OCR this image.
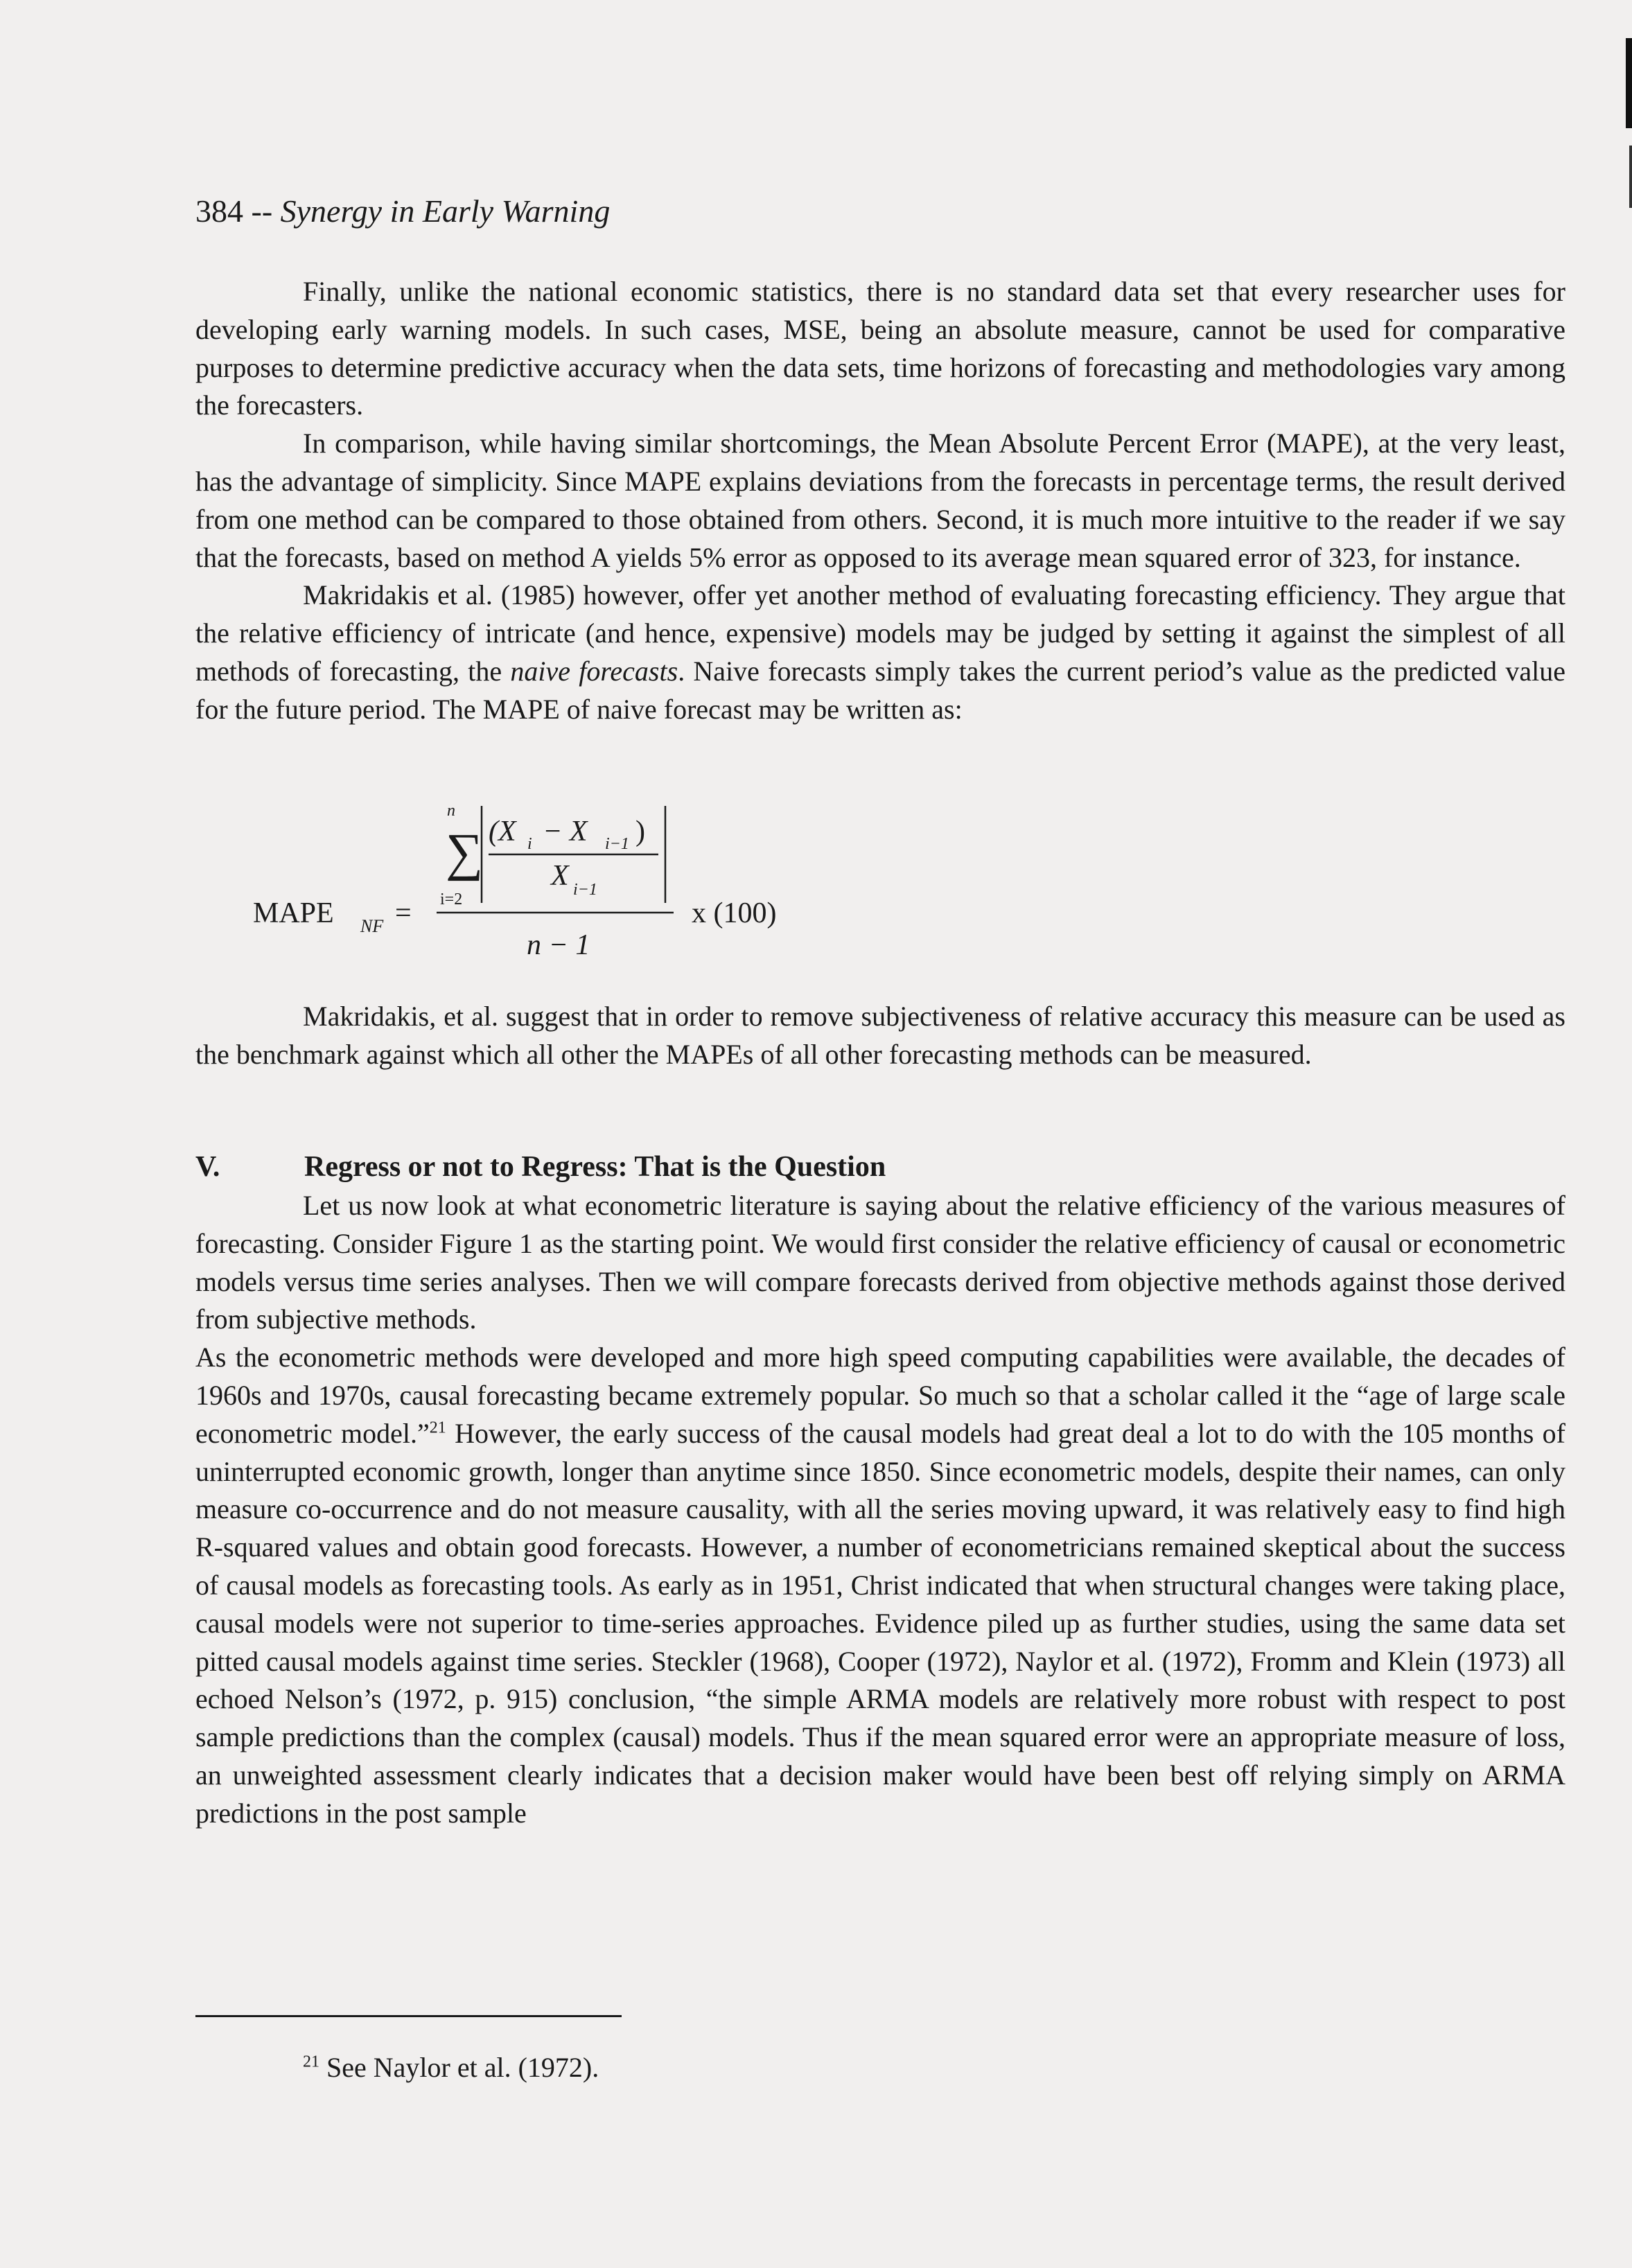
384 -- Synergy in Early Warning

Finally, unlike the national economic statistics, there is no standard data set that every researcher uses for developing early warning models. In such cases, MSE, being an absolute measure, cannot be used for comparative purposes to determine predictive accuracy when the data sets, time horizons of forecasting and methodologies vary among the forecasters.

In comparison, while having similar shortcomings, the Mean Absolute Percent Error (MAPE), at the very least, has the advantage of simplicity. Since MAPE explains deviations from the forecasts in percentage terms, the result derived from one method can be compared to those obtained from others. Second, it is much more intuitive to the reader if we say that the forecasts, based on method A yields 5% error as opposed to its average mean squared error of 323, for instance.

Makridakis et al. (1985) however, offer yet another method of evaluating forecasting efficiency. They argue that the relative efficiency of intricate (and hence, expensive) models may be judged by setting it against the simplest of all methods of forecasting, the naive forecasts. Naive forecasts simply takes the current period’s value as the predicted value for the future period. The MAPE of naive forecast may be written as:

MAPE NF =
∑
n
i=2
(X i − X i−1 )
X i−1
n − 1
x (100)

Makridakis, et al. suggest that in order to remove subjectiveness of relative accuracy this measure can be used as the benchmark against which all other the MAPEs of all other forecasting methods can be measured.

V.	Regress or not to Regress: That is the Question

Let us now look at what econometric literature is saying about the relative efficiency of the various measures of forecasting. Consider Figure 1 as the starting point. We would first consider the relative efficiency of causal or econometric models versus time series analyses. Then we will compare forecasts derived from objective methods against those derived from subjective methods.

As the econometric methods were developed and more high speed computing capabilities were available, the decades of 1960s and 1970s, causal forecasting became extremely popular. So much so that a scholar called it the “age of large scale econometric model.”$^{21}$ However, the early success of the causal models had great deal a lot to do with the 105 months of uninterrupted economic growth, longer than anytime since 1850. Since econometric models, despite their names, can only measure co-occurrence and do not measure causality, with all the series moving upward, it was relatively easy to find high R-squared values and obtain good forecasts. However, a number of econometricians remained skeptical about the success of causal models as forecasting tools. As early as in 1951, Christ indicated that when structural changes were taking place, causal models were not superior to time-series approaches. Evidence piled up as further studies, using the same data set pitted causal models against time series. Steckler (1968), Cooper (1972), Naylor et al. (1972), Fromm and Klein (1973) all echoed Nelson’s (1972, p. 915) conclusion, “the simple ARMA models are relatively more robust with respect to post sample predictions than the complex (causal) models. Thus if the mean squared error were an appropriate measure of loss, an unweighted assessment clearly indicates that a decision maker would have been best off relying simply on ARMA predictions in the post sample

$^{21}$ See Naylor et al. (1972).
